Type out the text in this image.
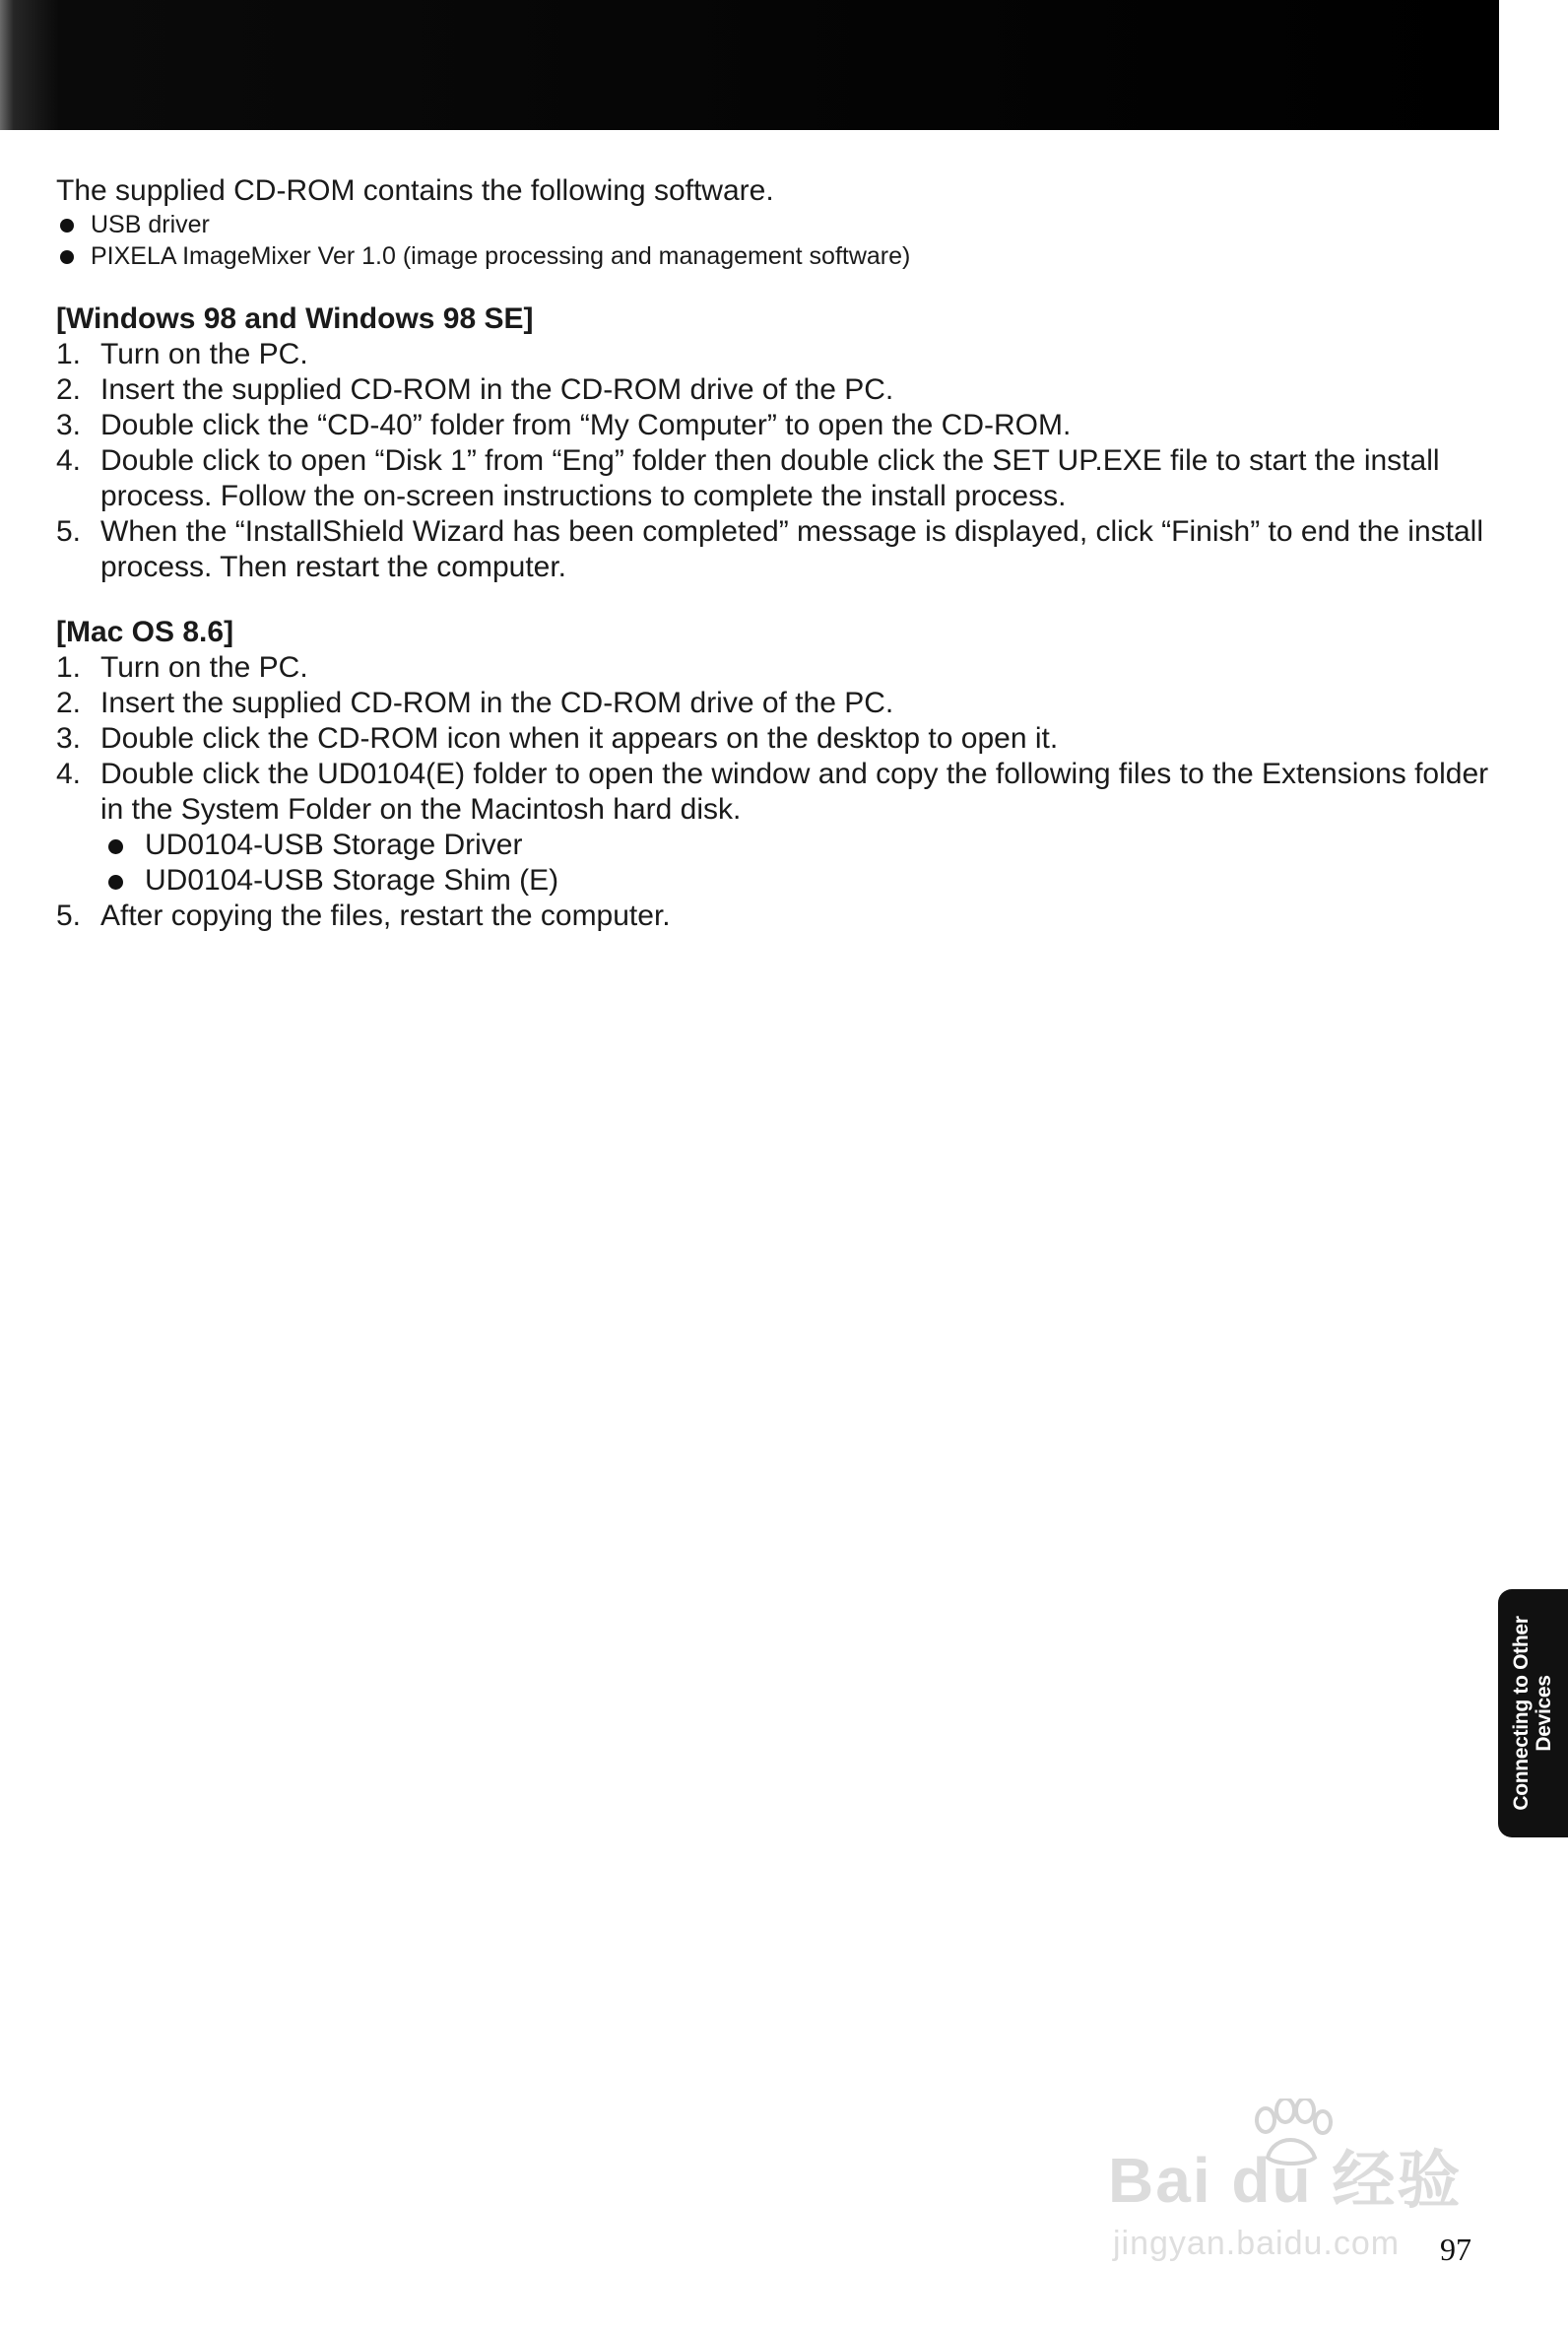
The supplied CD-ROM contains the following software.

USB driver
PIXELA ImageMixer Ver 1.0 (image processing and management software)
[Windows 98 and Windows 98 SE]
1. Turn on the PC.
2. Insert the supplied CD-ROM in the CD-ROM drive of the PC.
3. Double click the “CD-40” folder from “My Computer” to open the CD-ROM.
4. Double click to open “Disk 1” from “Eng” folder then double click the SET UP.EXE file to start the install process. Follow the on-screen instructions to complete the install process.
5. When the “InstallShield Wizard has been completed” message is displayed, click “Finish” to end the install process. Then restart the computer.
[Mac OS 8.6]
1. Turn on the PC.
2. Insert the supplied CD-ROM in the CD-ROM drive of the PC.
3. Double click the CD-ROM icon when it appears on the desktop to open it.
4. Double click the UD0104(E) folder to open the window and copy the following files to the Extensions folder in the System Folder on the Macintosh hard disk.
UD0104-USB Storage Driver
UD0104-USB Storage Shim (E)
5. After copying the files, restart the computer.
Connecting to Other Devices
Bai du 经验
jingyan.baidu.com 97
